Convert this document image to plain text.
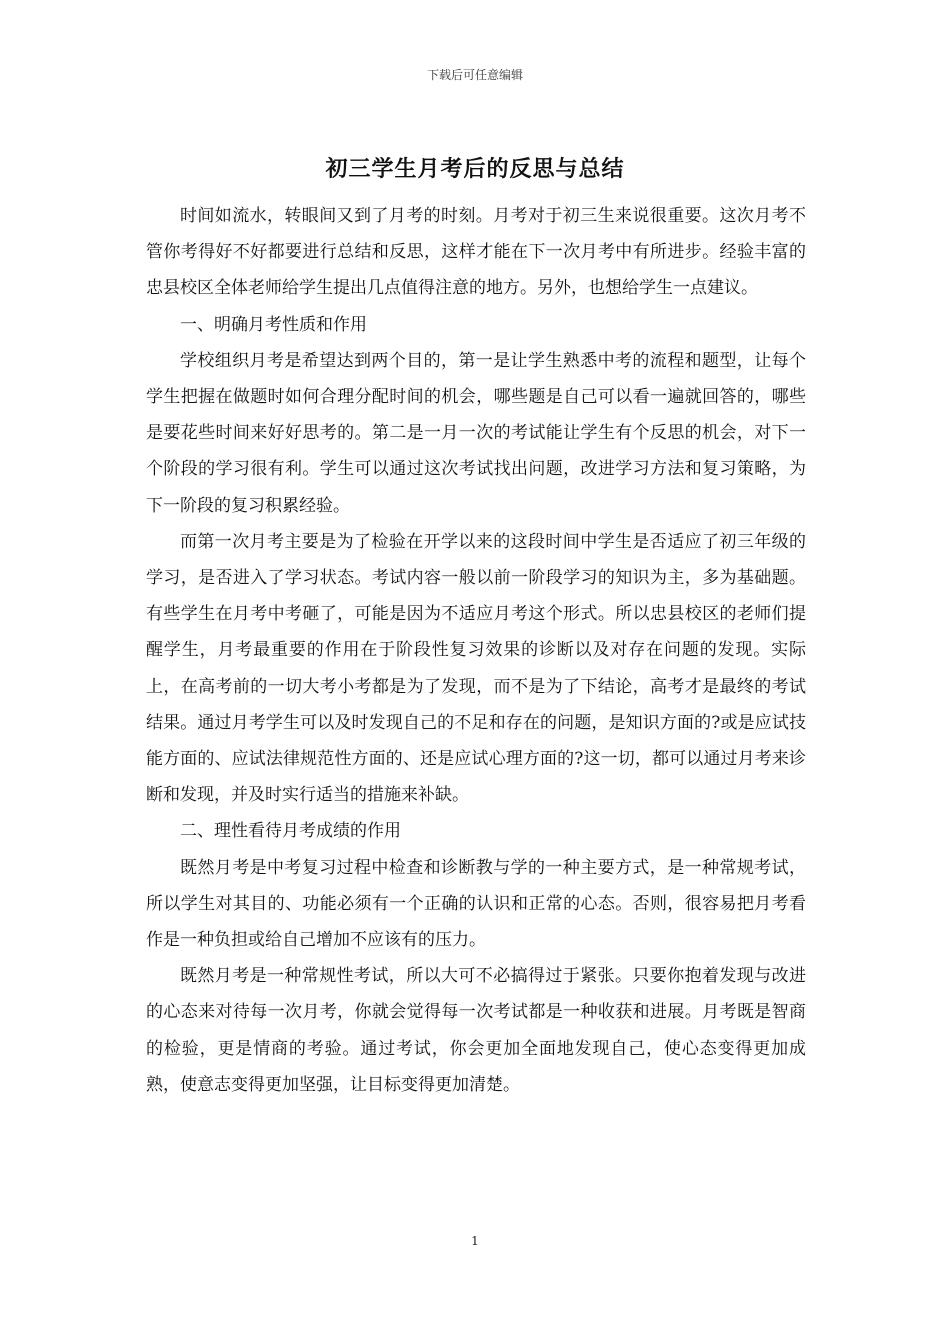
下载后可任意编辑
初三学生月考后的反思与总结

时间如流水，转眼间又到了月考的时刻。月考对于初三生来说很重要。这次月考不管你考得好不好都要进行总结和反思，这样才能在下一次月考中有所进步。经验丰富的忠县校区全体老师给学生提出几点值得注意的地方。另外，也想给学生一点建议。

一、明确月考性质和作用

学校组织月考是希望达到两个目的，第一是让学生熟悉中考的流程和题型，让每个学生把握在做题时如何合理分配时间的机会，哪些题是自己可以看一遍就回答的，哪些是要花些时间来好好思考的。第二是一月一次的考试能让学生有个反思的机会，对下一个阶段的学习很有利。学生可以通过这次考试找出问题，改进学习方法和复习策略，为下一阶段的复习积累经验。

而第一次月考主要是为了检验在开学以来的这段时间中学生是否适应了初三年级的学习，是否进入了学习状态。考试内容一般以前一阶段学习的知识为主，多为基础题。有些学生在月考中考砸了，可能是因为不适应月考这个形式。所以忠县校区的老师们提醒学生，月考最重要的作用在于阶段性复习效果的诊断以及对存在问题的发现。实际上，在高考前的一切大考小考都是为了发现，而不是为了下结论，高考才是最终的考试结果。通过月考学生可以及时发现自己的不足和存在的问题，是知识方面的?或是应试技能方面的、应试法律规范性方面的、还是应试心理方面的?这一切，都可以通过月考来诊断和发现，并及时实行适当的措施来补缺。

二、理性看待月考成绩的作用

既然月考是中考复习过程中检查和诊断教与学的一种主要方式，是一种常规考试，所以学生对其目的、功能必须有一个正确的认识和正常的心态。否则，很容易把月考看作是一种负担或给自己增加不应该有的压力。

既然月考是一种常规性考试，所以大可不必搞得过于紧张。只要你抱着发现与改进的心态来对待每一次月考，你就会觉得每一次考试都是一种收获和进展。月考既是智商的检验，更是情商的考验。通过考试，你会更加全面地发现自己，使心态变得更加成熟，使意志变得更加坚强，让目标变得更加清楚。

1
